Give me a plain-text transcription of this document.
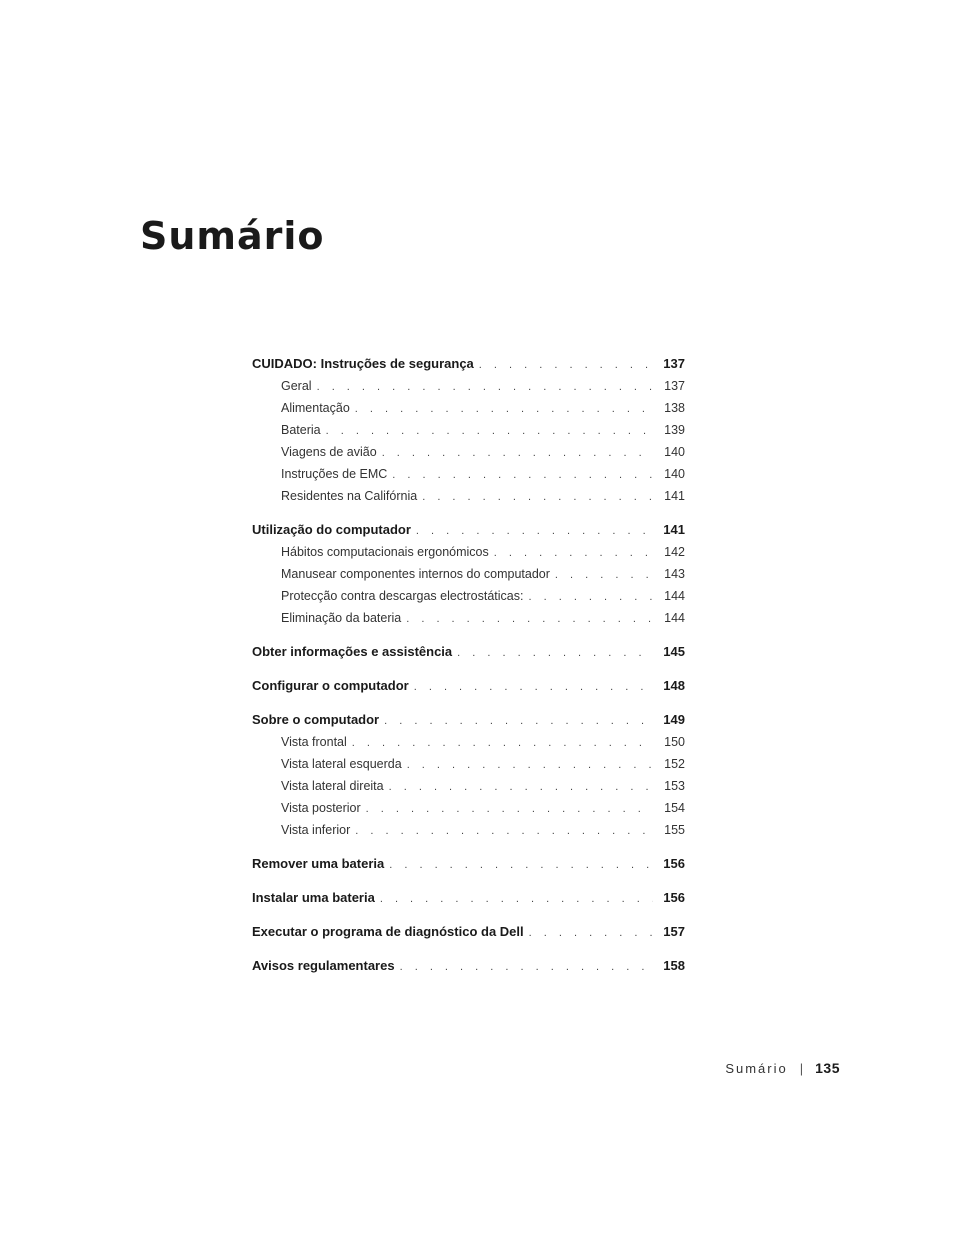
Sumário
CUIDADO: Instruções de segurança . . .	137
Geral . . .	137
Alimentação . . .	138
Bateria . . .	139
Viagens de avião . . .	140
Instruções de EMC . . .	140
Residentes na Califórnia . . .	141
Utilização do computador . . .	141
Hábitos computacionais ergonómicos . . .	142
Manusear componentes internos do computador . . .	143
Protecção contra descargas electrostáticas: . . .	144
Eliminação da bateria . . .	144
Obter informações e assistência . . .	145
Configurar o computador . . .	148
Sobre o computador . . .	149
Vista frontal . . .	150
Vista lateral esquerda . . .	152
Vista lateral direita . . .	153
Vista posterior . . .	154
Vista inferior . . .	155
Remover uma bateria . . .	156
Instalar uma bateria . . .	156
Executar o programa de diagnóstico da Dell . . .	157
Avisos regulamentares . . .	158
Sumário | 135
